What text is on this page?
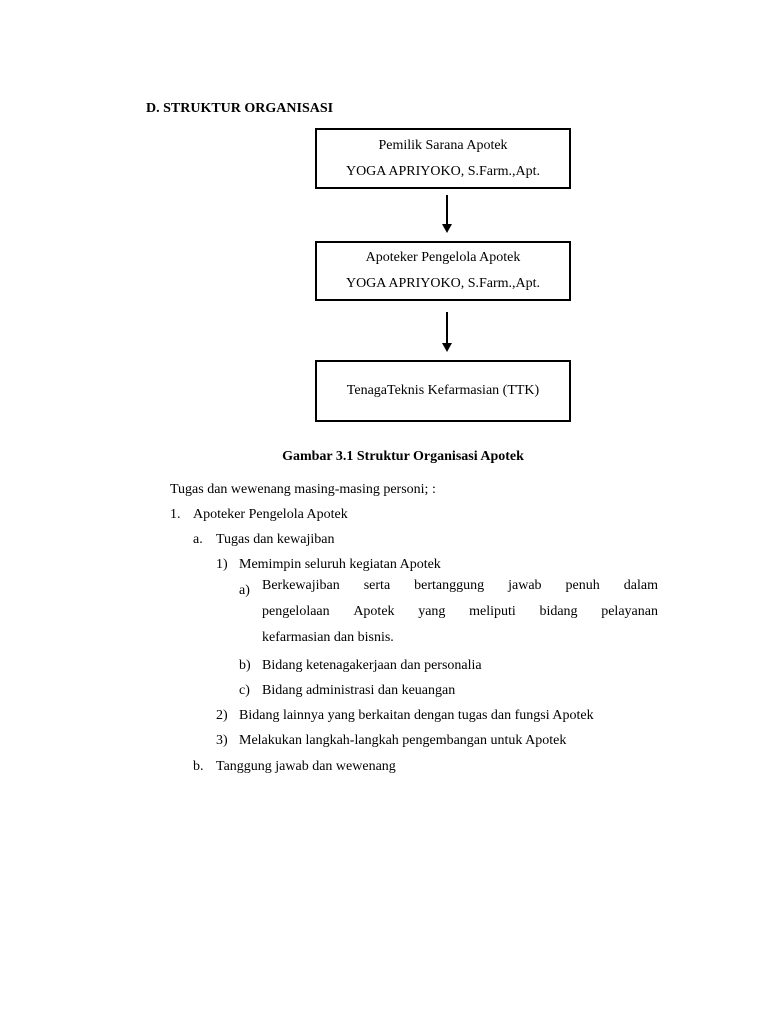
D. STRUKTUR ORGANISASI
Pemilik Sarana Apotek
YOGA APRIYOKO, S.Farm.,Apt.
Apoteker Pengelola Apotek
YOGA APRIYOKO, S.Farm.,Apt.
TenagaTeknis Kefarmasian (TTK)
Gambar 3.1 Struktur Organisasi Apotek
Tugas dan wewenang masing-masing personi; :
1. Apoteker Pengelola Apotek
a. Tugas dan kewajiban
1) Memimpin seluruh kegiatan Apotek
a) Berkewajiban serta bertanggung jawab penuh dalam
pengelolaan Apotek yang meliputi bidang pelayanan
kefarmasian dan bisnis.
b) Bidang ketenagakerjaan dan personalia
c) Bidang administrasi dan keuangan
2) Bidang lainnya yang berkaitan dengan tugas dan fungsi Apotek
3) Melakukan langkah-langkah pengembangan untuk Apotek
b. Tanggung jawab dan wewenang
